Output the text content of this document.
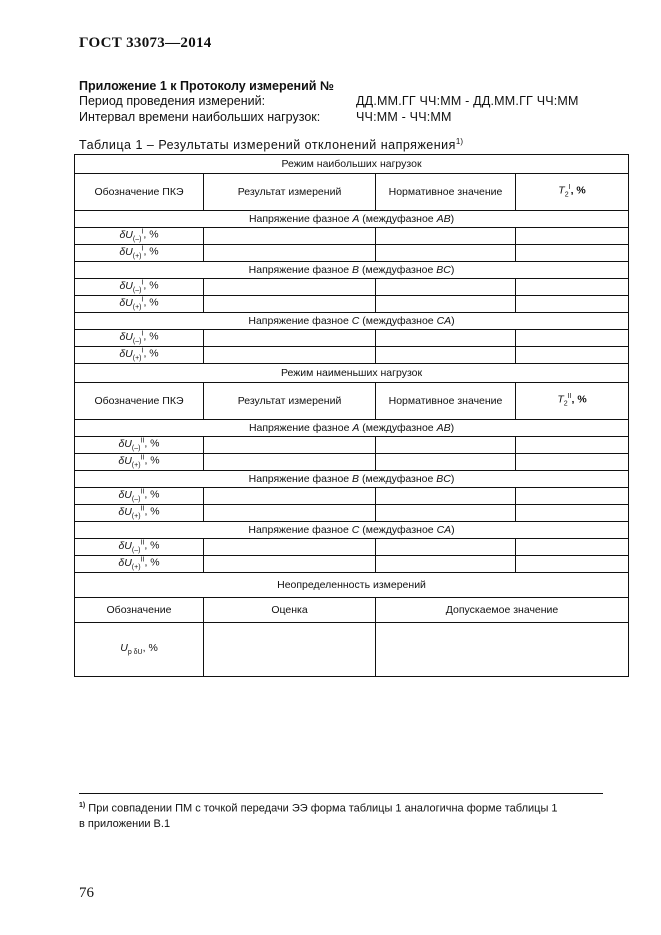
ГОСТ 33073—2014
Приложение 1 к Протоколу измерений №
Период проведения измерений:	ДД.ММ.ГГ ЧЧ:ММ - ДД.ММ.ГГ ЧЧ:ММ
Интервал времени наибольших нагрузок:	ЧЧ:ММ - ЧЧ:ММ
Таблица 1 – Результаты измерений отклонений напряжения$^{1)}$
Режим наибольших нагрузок			
Обозначение ПКЭ	Результат измерений	Нормативное значение	$T_2^I$, %
Напряжение фазное A (междуфазное AB)			
$\delta U_{(-)}^I$, %			
$\delta U_{(+)}^I$, %			
Напряжение фазное B (междуфазное BC)			
$\delta U_{(-)}^I$, %			
$\delta U_{(+)}^I$, %			
Напряжение фазное C (междуфазное CA)			
$\delta U_{(-)}^I$, %			
$\delta U_{(+)}^I$, %			
Режим наименьших нагрузок			
Обозначение ПКЭ	Результат измерений	Нормативное значение	$T_2^{II}$, %
Напряжение фазное A (междуфазное AB)			
$\delta U_{(-)}^{II}$, %			
$\delta U_{(+)}^{II}$, %			
Напряжение фазное B (междуфазное BC)			
$\delta U_{(-)}^{II}$, %			
$\delta U_{(+)}^{II}$, %			
Напряжение фазное C (междуфазное CA)			
$\delta U_{(-)}^{II}$, %			
$\delta U_{(+)}^{II}$, %			
Неопределенность измерений			
Обозначение	Оценка	Допускаемое значение	
$U_{p \delta U}$, %			
$^{1)}$ При совпадении ПМ с точкой передачи ЭЭ форма таблицы 1 аналогична форме таблицы 1
в приложении В.1
76
